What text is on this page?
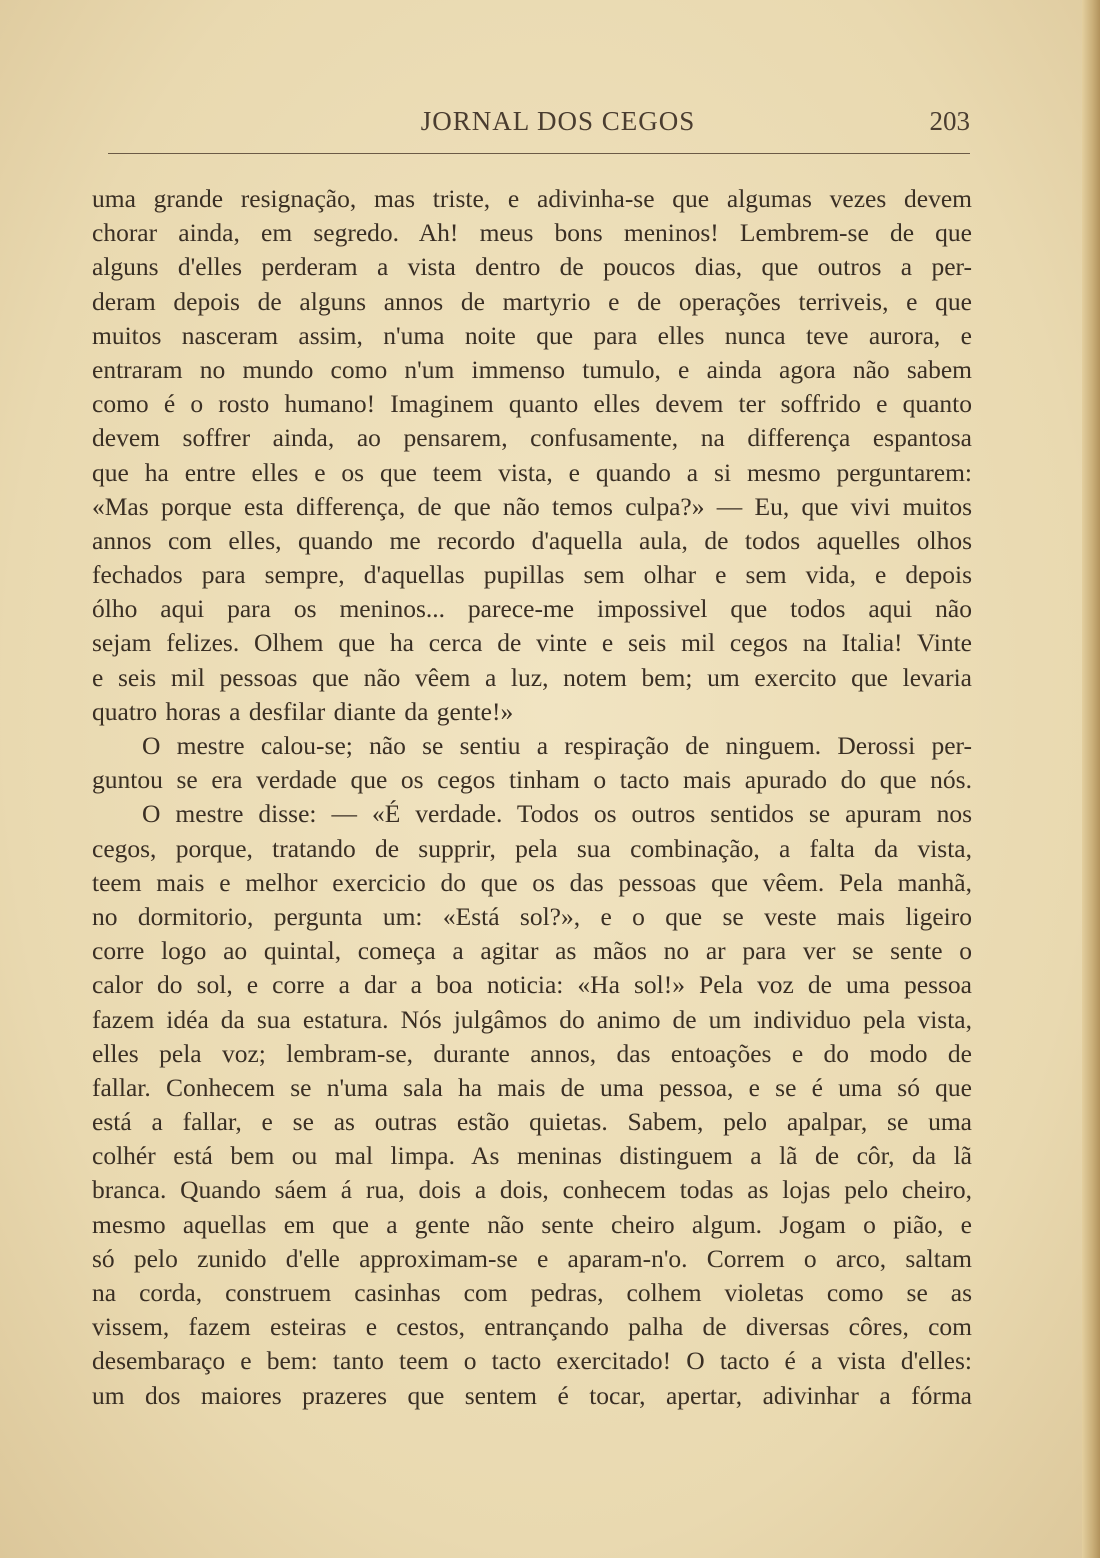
JORNAL DOS CEGOS	203
uma grande resignação, mas triste, e adivinha-se que algumas vezes devem
chorar ainda, em segredo. Ah! meus bons meninos! Lembrem-se de que
alguns d'elles perderam a vista dentro de poucos dias, que outros a per-
deram depois de alguns annos de martyrio e de operações terriveis, e que
muitos nasceram assim, n'uma noite que para elles nunca teve aurora, e
entraram no mundo como n'um immenso tumulo, e ainda agora não sabem
como é o rosto humano! Imaginem quanto elles devem ter soffrido e quanto
devem soffrer ainda, ao pensarem, confusamente, na differença espantosa
que ha entre elles e os que teem vista, e quando a si mesmo perguntarem:
«Mas porque esta differença, de que não temos culpa?» — Eu, que vivi muitos
annos com elles, quando me recordo d'aquella aula, de todos aquelles olhos
fechados para sempre, d'aquellas pupillas sem olhar e sem vida, e depois
ólho aqui para os meninos... parece-me impossivel que todos aqui não
sejam felizes. Olhem que ha cerca de vinte e seis mil cegos na Italia! Vinte
e seis mil pessoas que não vêem a luz, notem bem; um exercito que levaria
quatro horas a desfilar diante da gente!»
O mestre calou-se; não se sentiu a respiração de ninguem. Derossi per-
guntou se era verdade que os cegos tinham o tacto mais apurado do que nós.
O mestre disse: — «É verdade. Todos os outros sentidos se apuram nos
cegos, porque, tratando de supprir, pela sua combinação, a falta da vista,
teem mais e melhor exercicio do que os das pessoas que vêem. Pela manhã,
no dormitorio, pergunta um: «Está sol?», e o que se veste mais ligeiro
corre logo ao quintal, começa a agitar as mãos no ar para ver se sente o
calor do sol, e corre a dar a boa noticia: «Ha sol!» Pela voz de uma pessoa
fazem idéa da sua estatura. Nós julgâmos do animo de um individuo pela vista,
elles pela voz; lembram-se, durante annos, das entoações e do modo de
fallar. Conhecem se n'uma sala ha mais de uma pessoa, e se é uma só que
está a fallar, e se as outras estão quietas. Sabem, pelo apalpar, se uma
colhér está bem ou mal limpa. As meninas distinguem a lã de côr, da lã
branca. Quando sáem á rua, dois a dois, conhecem todas as lojas pelo cheiro,
mesmo aquellas em que a gente não sente cheiro algum. Jogam o pião, e
só pelo zunido d'elle approximam-se e aparam-n'o. Correm o arco, saltam
na corda, construem casinhas com pedras, colhem violetas como se as
vissem, fazem esteiras e cestos, entrançando palha de diversas côres, com
desembaraço e bem: tanto teem o tacto exercitado! O tacto é a vista d'elles:
um dos maiores prazeres que sentem é tocar, apertar, adivinhar a fórma
